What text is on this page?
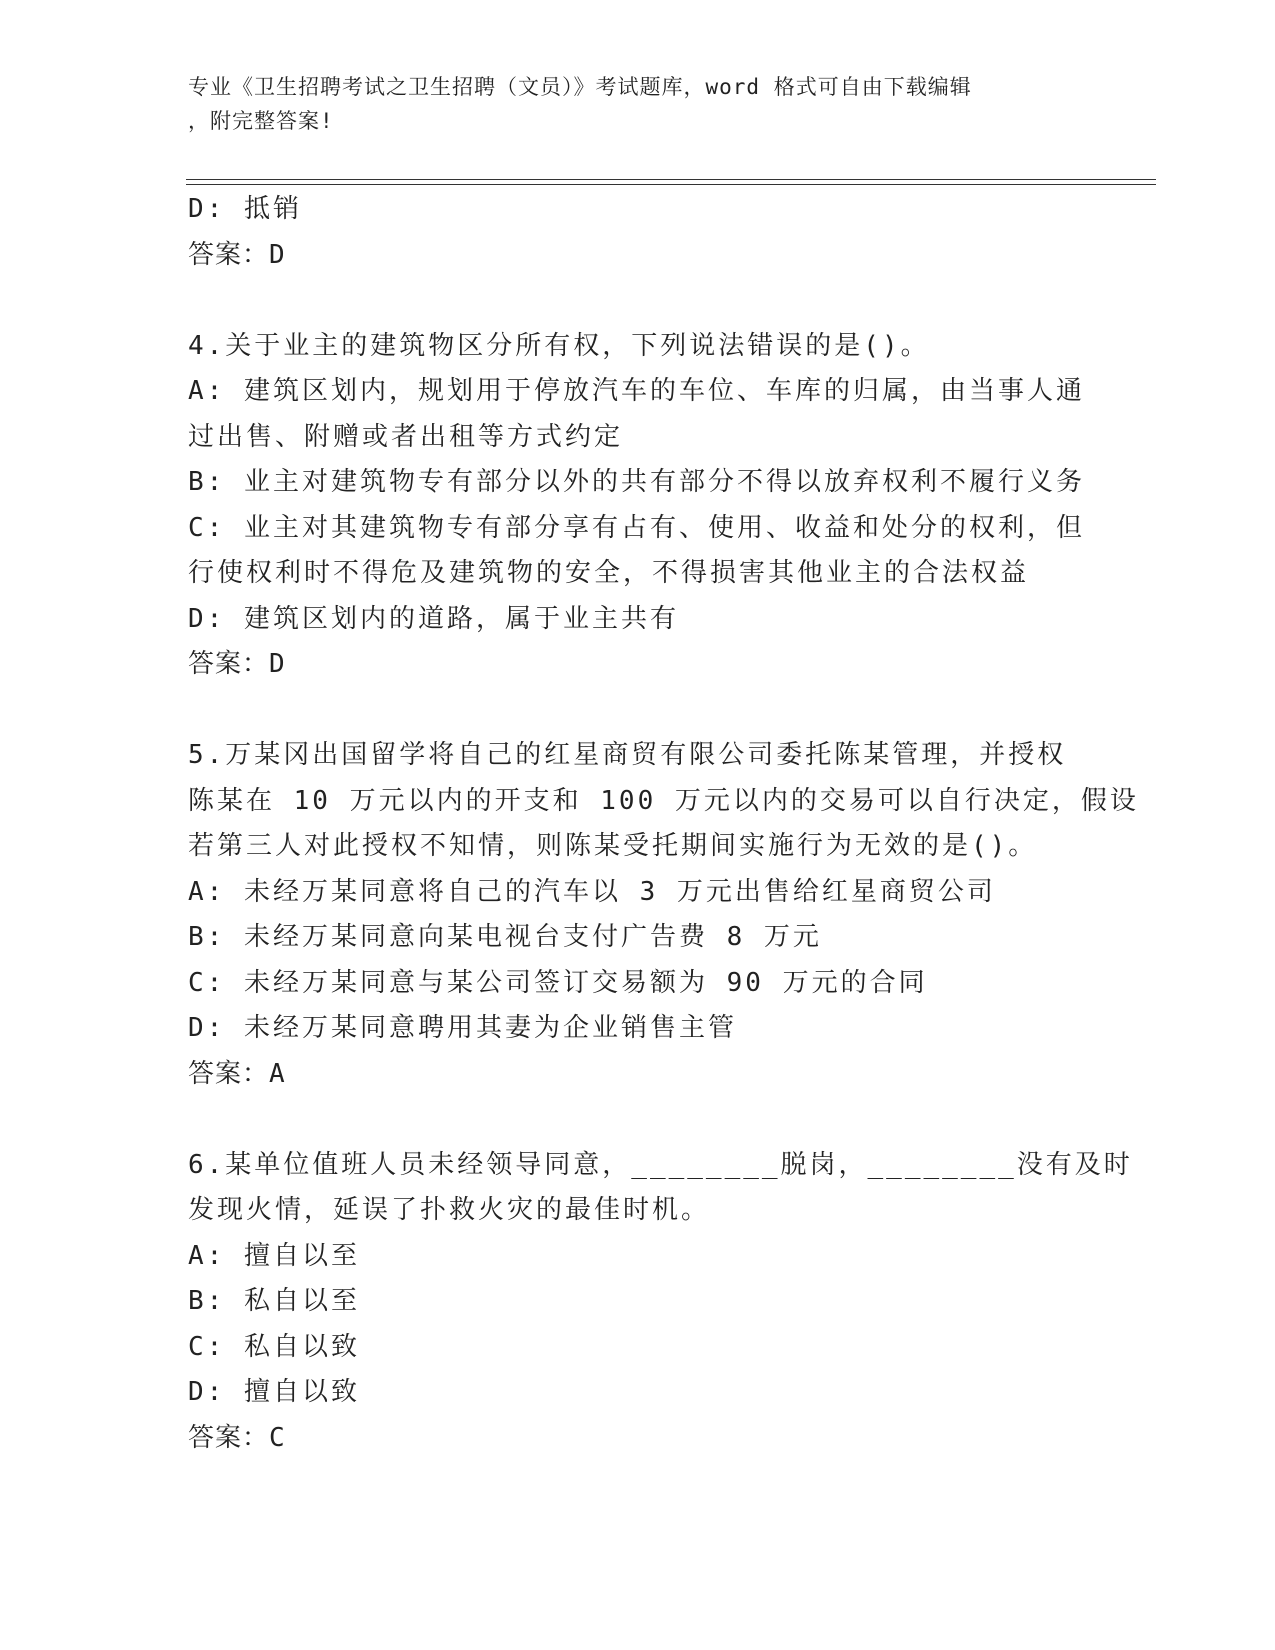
专业《卫生招聘考试之卫生招聘（文员）》考试题库，word 格式可自由下载编辑
，附完整答案!
D: 抵销
答案：D
4.关于业主的建筑物区分所有权，下列说法错误的是()。
A: 建筑区划内，规划用于停放汽车的车位、车库的归属，由当事人通
过出售、附赠或者出租等方式约定
B: 业主对建筑物专有部分以外的共有部分不得以放弃权利不履行义务
C: 业主对其建筑物专有部分享有占有、使用、收益和处分的权利，但
行使权利时不得危及建筑物的安全，不得损害其他业主的合法权益
D: 建筑区划内的道路，属于业主共有
答案：D
5.万某冈出国留学将自己的红星商贸有限公司委托陈某管理，并授权
陈某在 10 万元以内的开支和 100 万元以内的交易可以自行决定，假设
若第三人对此授权不知情，则陈某受托期间实施行为无效的是()。
A: 未经万某同意将自己的汽车以 3 万元出售给红星商贸公司
B: 未经万某同意向某电视台支付广告费 8 万元
C: 未经万某同意与某公司签订交易额为 90 万元的合同
D: 未经万某同意聘用其妻为企业销售主管
答案：A
6.某单位值班人员未经领导同意，________脱岗，________没有及时
发现火情，延误了扑救火灾的最佳时机。
A: 擅自以至
B: 私自以至
C: 私自以致
D: 擅自以致
答案：C
